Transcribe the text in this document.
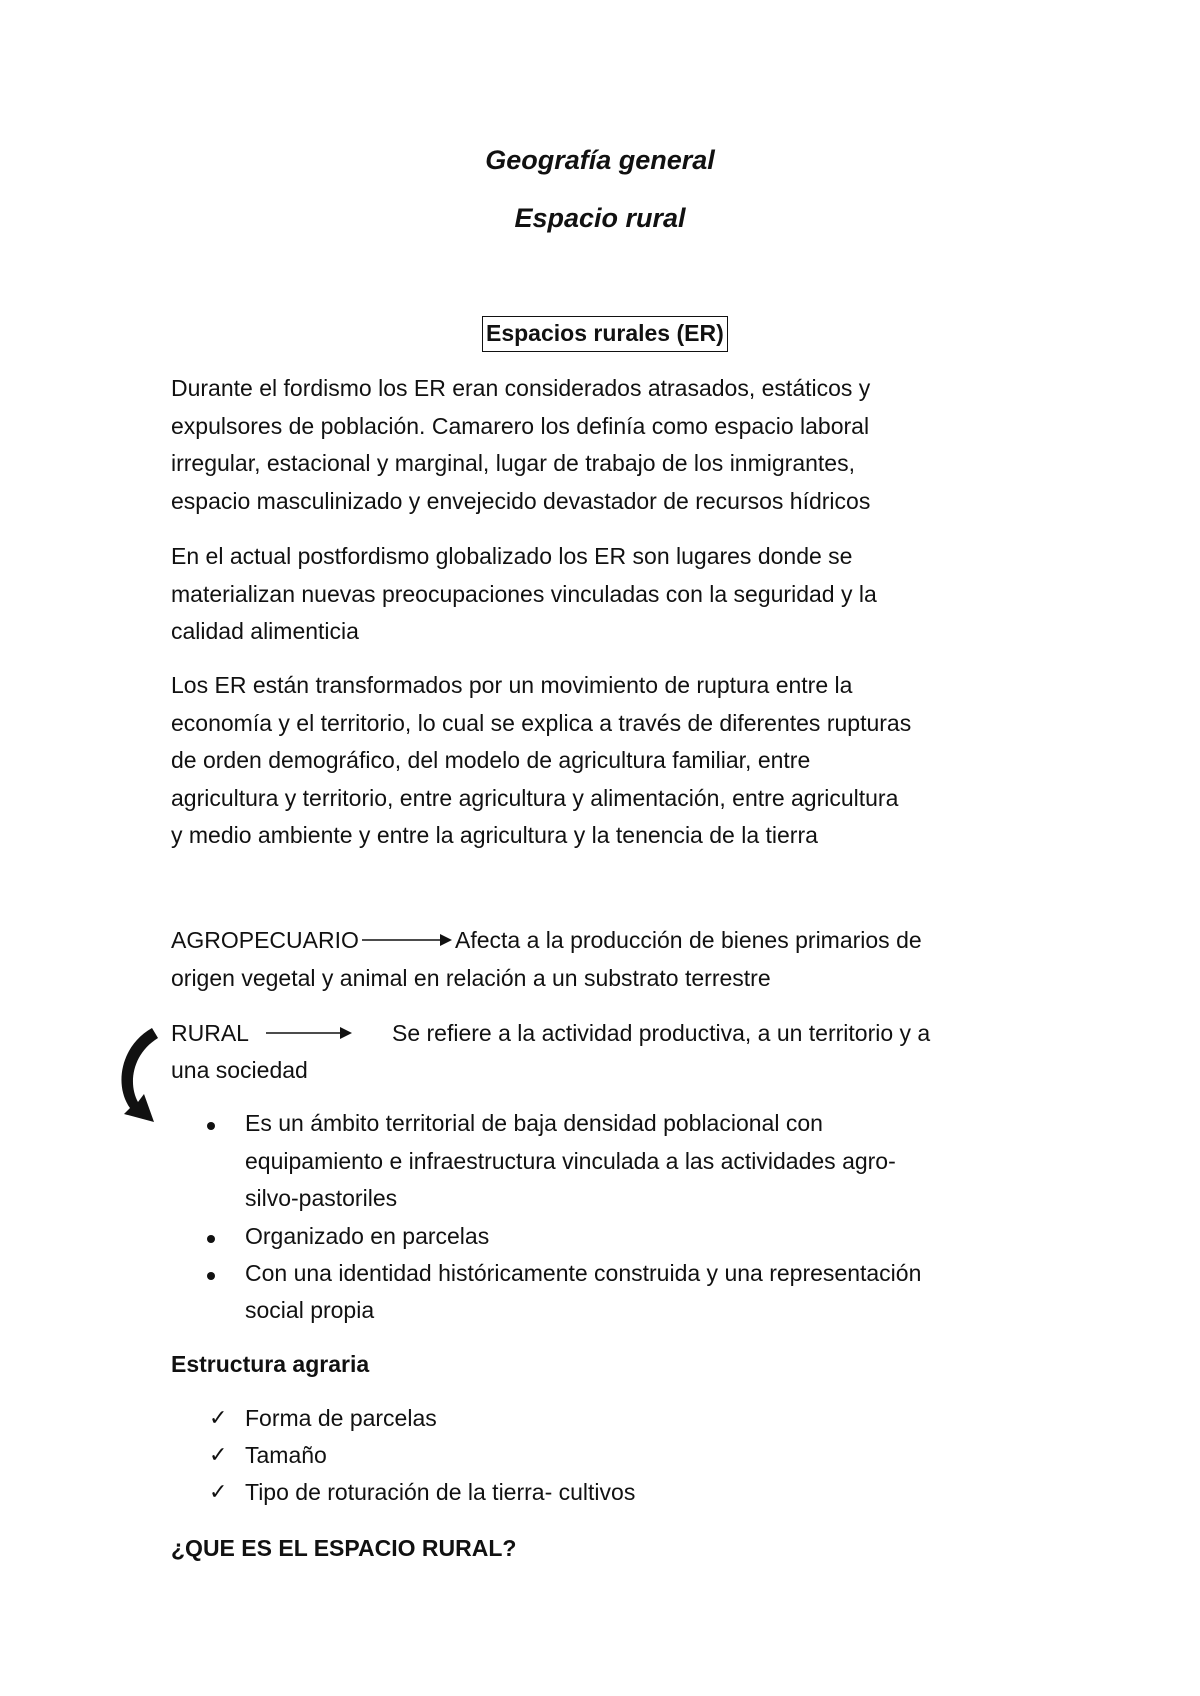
Geografía general
Espacio rural
Espacios rurales (ER)
Durante el fordismo los ER eran considerados atrasados, estáticos y
expulsores de población. Camarero los definía como espacio laboral
irregular, estacional y marginal, lugar de trabajo de los inmigrantes,
espacio masculinizado y envejecido devastador de recursos hídricos
En el actual postfordismo globalizado los ER son lugares donde se
materializan nuevas preocupaciones vinculadas con la seguridad y la
calidad alimenticia
Los ER están transformados por un movimiento de ruptura entre la
economía y el territorio, lo cual se explica a través de diferentes rupturas
de orden demográfico, del modelo de agricultura familiar, entre
agricultura y territorio, entre agricultura y alimentación, entre agricultura
y medio ambiente y entre la agricultura y la tenencia de la tierra
AGROPECUARIO	Afecta a la producción de bienes primarios de
origen vegetal y animal en relación a un substrato terrestre
RURAL	Se refiere a la actividad productiva, a un territorio y a
una sociedad
Es un ámbito territorial de baja densidad poblacional con
equipamiento e infraestructura vinculada a las actividades agro-
silvo-pastoriles
Organizado en parcelas
Con una identidad históricamente construida y una representación
social propia
Estructura agraria
✓ Forma de parcelas
✓ Tamaño
✓ Tipo de roturación de la tierra- cultivos
¿QUE ES EL ESPACIO RURAL?
